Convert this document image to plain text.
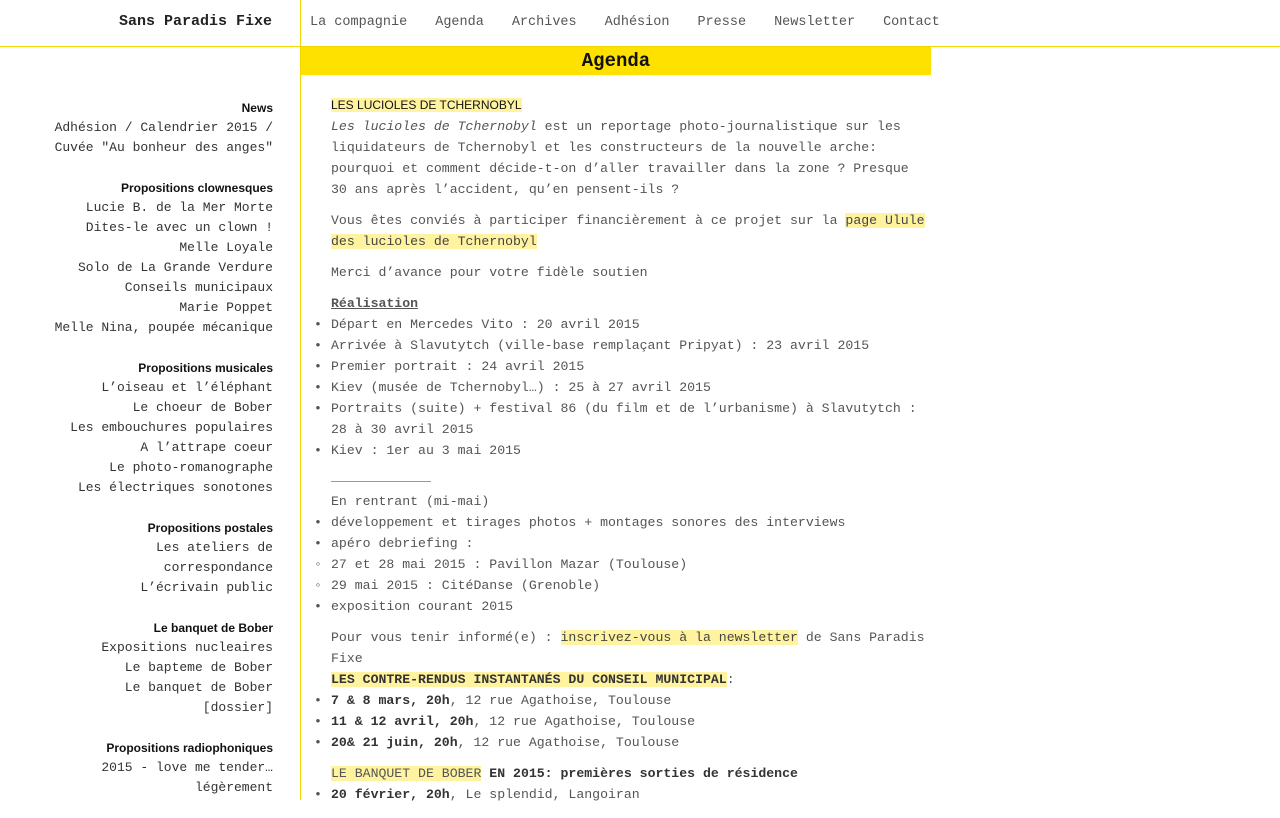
Sans Paradis Fixe	La compagnie Agenda Archives Adhésion Presse Newsletter Contact
News
Adhésion / Calendrier 2015 /
Cuvée "Au bonheur des anges"
Propositions clownesques
Lucie B. de la Mer Morte
Dites-le avec un clown !
Melle Loyale
Solo de La Grande Verdure
Conseils municipaux
Marie Poppet
Melle Nina, poupée mécanique
Propositions musicales
L’oiseau et l’éléphant
Le choeur de Bober
Les embouchures populaires
A l’attrape coeur
Le photo-romanographe
Les électriques sonotones
Propositions postales
Les ateliers de
correspondance
L’écrivain public
Le banquet de Bober
Expositions nucleaires
Le bapteme de Bober
Le banquet de Bober
[dossier]
Propositions radiophoniques
2015 - love me tender…
légèrement
Agenda

LES LUCIOLES DE TCHERNOBYL

Les lucioles de Tchernobyl est un reportage photo-journalistique sur les liquidateurs de Tchernobyl et les constructeurs de la nouvelle arche: pourquoi et comment décide-t-on d’aller travailler dans la zone ? Presque 30 ans après l’accident, qu’en pensent-ils ?

Vous êtes conviés à participer financièrement à ce projet sur la page Ulule des lucioles de Tchernobyl

Merci d’avance pour votre fidèle soutien

Réalisation

• Départ en Mercedes Vito : 20 avril 2015
• Arrivée à Slavutytch (ville-base remplaçant Pripyat) : 23 avril 2015
• Premier portrait : 24 avril 2015
• Kiev (musée de Tchernobyl…) : 25 à 27 avril 2015
• Portraits (suite) + festival 86 (du film et de l’urbanisme) à Slavutytch : 28 à 30 avril 2015
• Kiev : 1er au 3 mai 2015

En rentrant (mi-mai)

• développement et tirages photos + montages sonores des interviews
• apéro debriefing :
◦ 27 et 28 mai 2015 : Pavillon Mazar (Toulouse)
◦ 29 mai 2015 : CitéDanse (Grenoble)
• exposition courant 2015

Pour vous tenir informé(e) : inscrivez-vous à la newsletter de Sans Paradis Fixe

LES CONTRE-RENDUS INSTANTANÉS DU CONSEIL MUNICIPAL:

• 7 & 8 mars, 20h, 12 rue Agathoise, Toulouse
• 11 & 12 avril, 20h, 12 rue Agathoise, Toulouse
• 20& 21 juin, 20h, 12 rue Agathoise, Toulouse

LE BANQUET DE BOBER EN 2015: premières sorties de résidence

• 20 février, 20h, Le splendid, Langoiran
